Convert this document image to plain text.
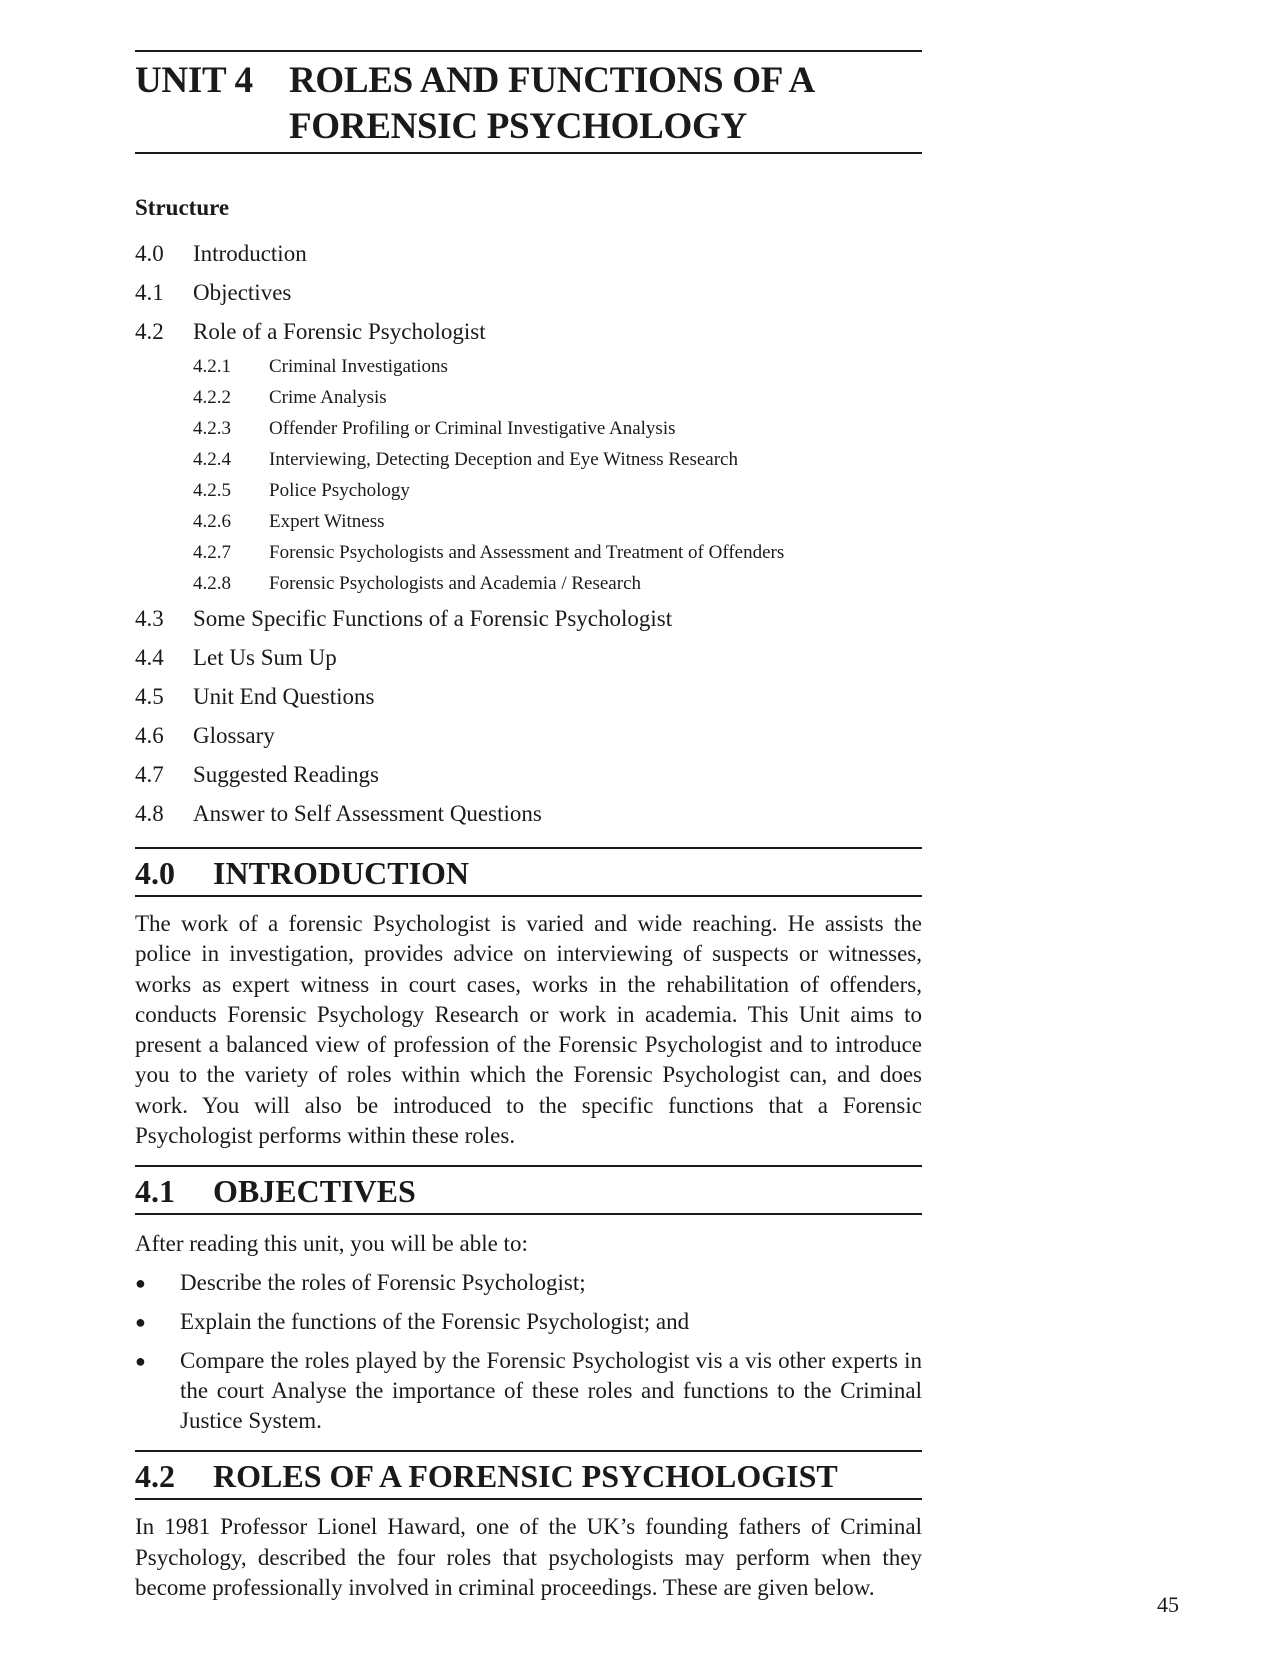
UNIT 4 ROLES AND FUNCTIONS OF A
FORENSIC PSYCHOLOGY
Structure
4.0	Introduction
4.1	Objectives
4.2	Role of a Forensic Psychologist
4.2.1	Criminal Investigations
4.2.2	Crime Analysis
4.2.3	Offender Profiling or Criminal Investigative Analysis
4.2.4	Interviewing, Detecting Deception and Eye Witness Research
4.2.5	Police Psychology
4.2.6	Expert Witness
4.2.7	Forensic Psychologists and Assessment and Treatment of Offenders
4.2.8	Forensic Psychologists and Academia / Research
4.3	Some Specific Functions of a Forensic Psychologist
4.4	Let Us Sum Up
4.5	Unit End Questions
4.6	Glossary
4.7	Suggested Readings
4.8	Answer to Self Assessment Questions
4.0	INTRODUCTION

The work of a forensic Psychologist is varied and wide reaching. He assists the police in investigation, provides advice on interviewing of suspects or witnesses, works as expert witness in court cases, works in the rehabilitation of offenders, conducts Forensic Psychology Research or work in academia. This Unit aims to present a balanced view of profession of the Forensic Psychologist and to introduce you to the variety of roles within which the Forensic Psychologist can, and does work. You will also be introduced to the specific functions that a Forensic Psychologist performs within these roles.

4.1	OBJECTIVES

After reading this unit, you will be able to:

●	Describe the roles of Forensic Psychologist;
●	Explain the functions of the Forensic Psychologist; and
●	Compare the roles played by the Forensic Psychologist vis a vis other experts in the court Analyse the importance of these roles and functions to the Criminal Justice System.
4.2	ROLES OF A FORENSIC PSYCHOLOGIST

In 1981 Professor Lionel Haward, one of the UK’s founding fathers of Criminal Psychology, described the four roles that psychologists may perform when they become professionally involved in criminal proceedings. These are given below.

45
